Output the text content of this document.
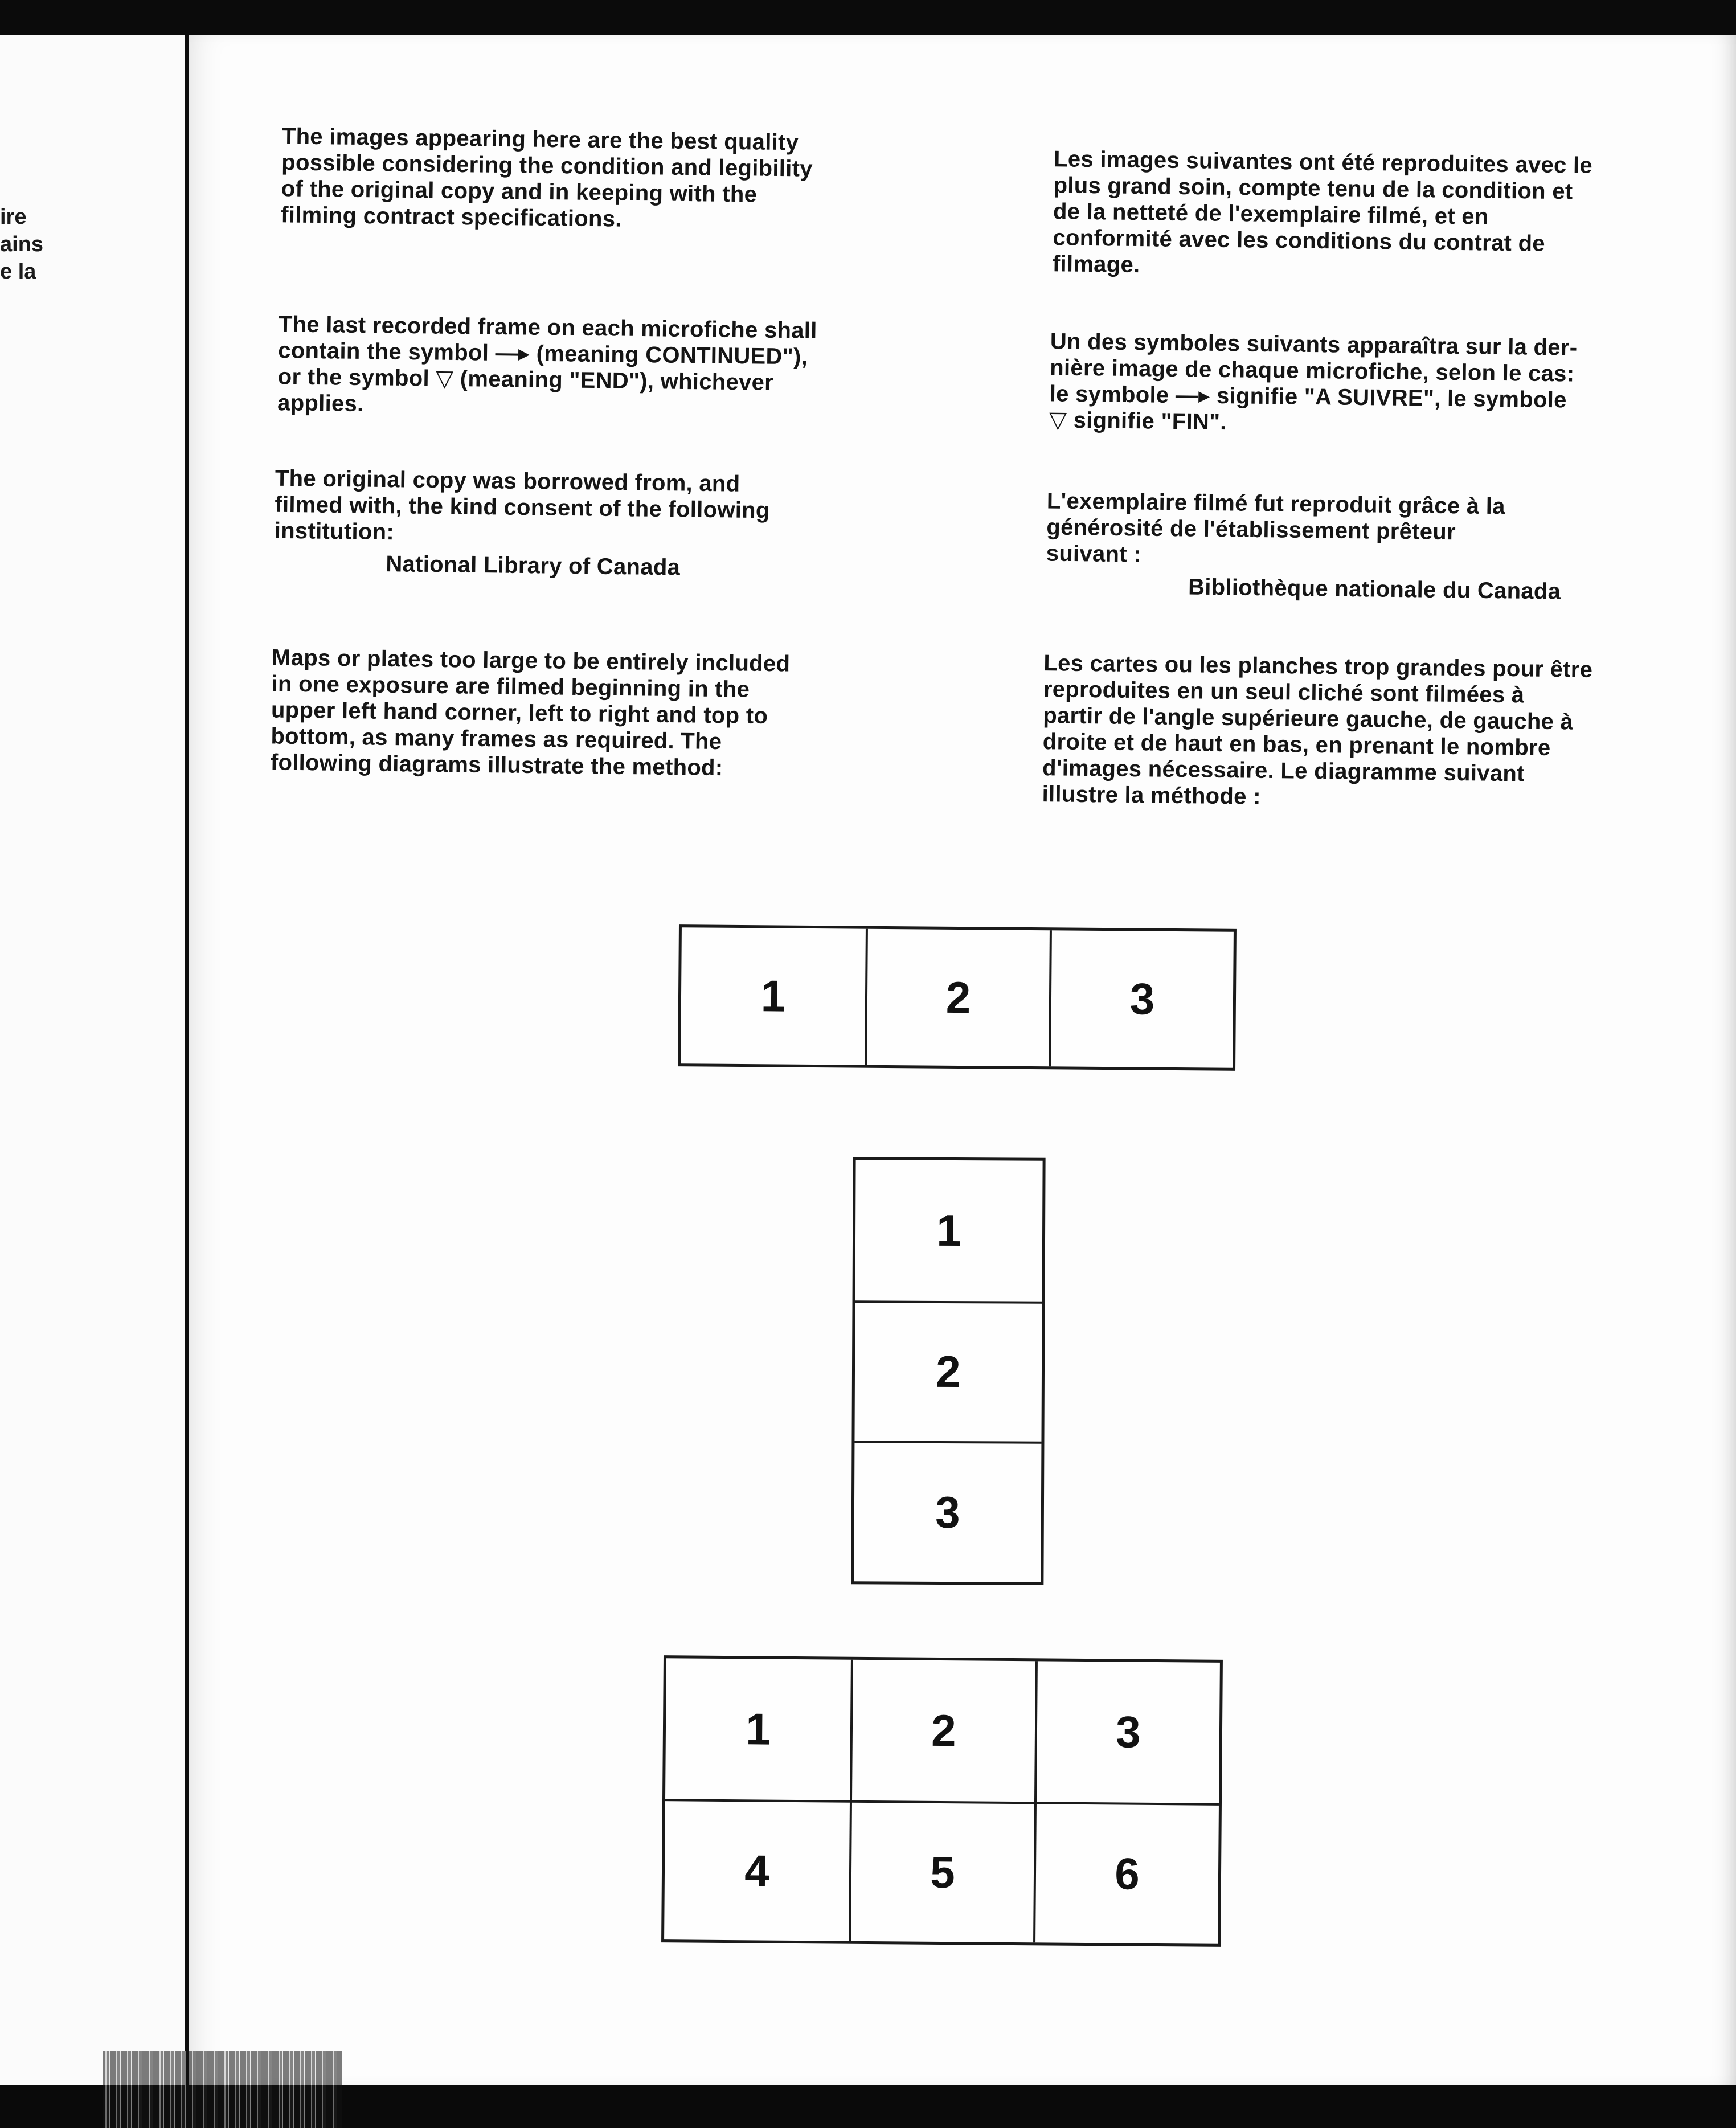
ire
ains
e la
The images appearing here are the best quality
possible considering the condition and legibility
of the original copy and in keeping with the
filming contract specifications.
The last recorded frame on each microfiche shall
contain the symbol —▸ (meaning CONTINUED"),
or the symbol ▽ (meaning "END"), whichever
applies.
The original copy was borrowed from, and
filmed with, the kind consent of the following
institution:
National Library of Canada
Maps or plates too large to be entirely included
in one exposure are filmed beginning in the
upper left hand corner, left to right and top to
bottom, as many frames as required. The
following diagrams illustrate the method:
Les images suivantes ont été reproduites avec le
plus grand soin, compte tenu de la condition et
de la netteté de l'exemplaire filmé, et en
conformité avec les conditions du contrat de
filmage.
Un des symboles suivants apparaîtra sur la der-
nière image de chaque microfiche, selon le cas:
le symbole —▸ signifie "A SUIVRE", le symbole
▽ signifie "FIN".
L'exemplaire filmé fut reproduit grâce à la
générosité de l'établissement prêteur
suivant :
Bibliothèque nationale du Canada
Les cartes ou les planches trop grandes pour être
reproduites en un seul cliché sont filmées à
partir de l'angle supérieure gauche, de gauche à
droite et de haut en bas, en prenant le nombre
d'images nécessaire. Le diagramme suivant
illustre la méthode :
1	2	3
1
2
3
1	2	3
4	5	6
